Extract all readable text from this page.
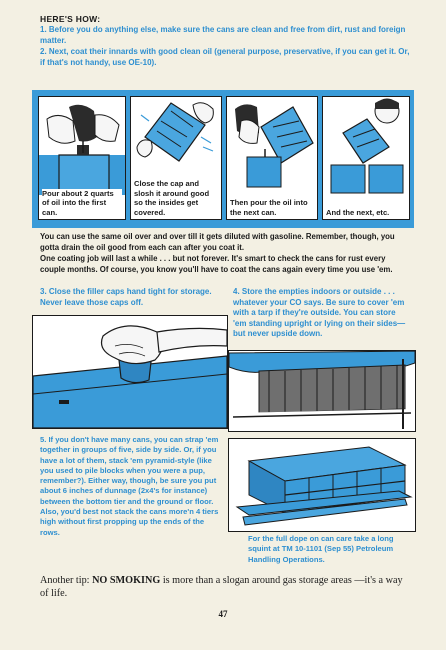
HERE'S HOW:

1. Before you do anything else, make sure the cans are clean and free from dirt, rust and foreign matter.

2. Next, coat their innards with good clean oil (general purpose, preservative, if you can get it. Or, if that's not handy, use OE-10).

Pour about 2 quarts of oil into the first can.
Close the cap and slosh it around good so the insides get covered.
Then pour the oil into the next can.	And the next, etc.
You can use the same oil over and over till it gets diluted with gasoline. Remember, though, you gotta drain the oil good from each can after you coat it.
One coating job will last a while . . . but not forever. It's smart to check the cans for rust every couple months. Of course, you know you'll have to coat the cans again every time you use 'em.
3. Close the filler caps hand tight for storage. Never leave those caps off.
4. Store the empties indoors or outside . . . whatever your CO says. Be sure to cover 'em with a tarp if they're outside. You can store 'em standing upright or lying on their sides—but never upside down.
5. If you don't have many cans, you can strap 'em together in groups of five, side by side. Or, if you have a lot of them, stack 'em pyramid-style (like you used to pile blocks when you were a pup, remember?). Either way, though, be sure you put about 6 inches of dunnage (2x4's for instance) between the bottom tier and the ground or floor. Also, you'd best not stack the cans more'n 4 tiers high without first propping up the ends of the rows.
For the full dope on can care take a long squint at TM 10-1101 (Sep 55) Petroleum Handling Operations.
Another tip: NO SMOKING is more than a slogan around gas storage areas —it's a way of life.
47
